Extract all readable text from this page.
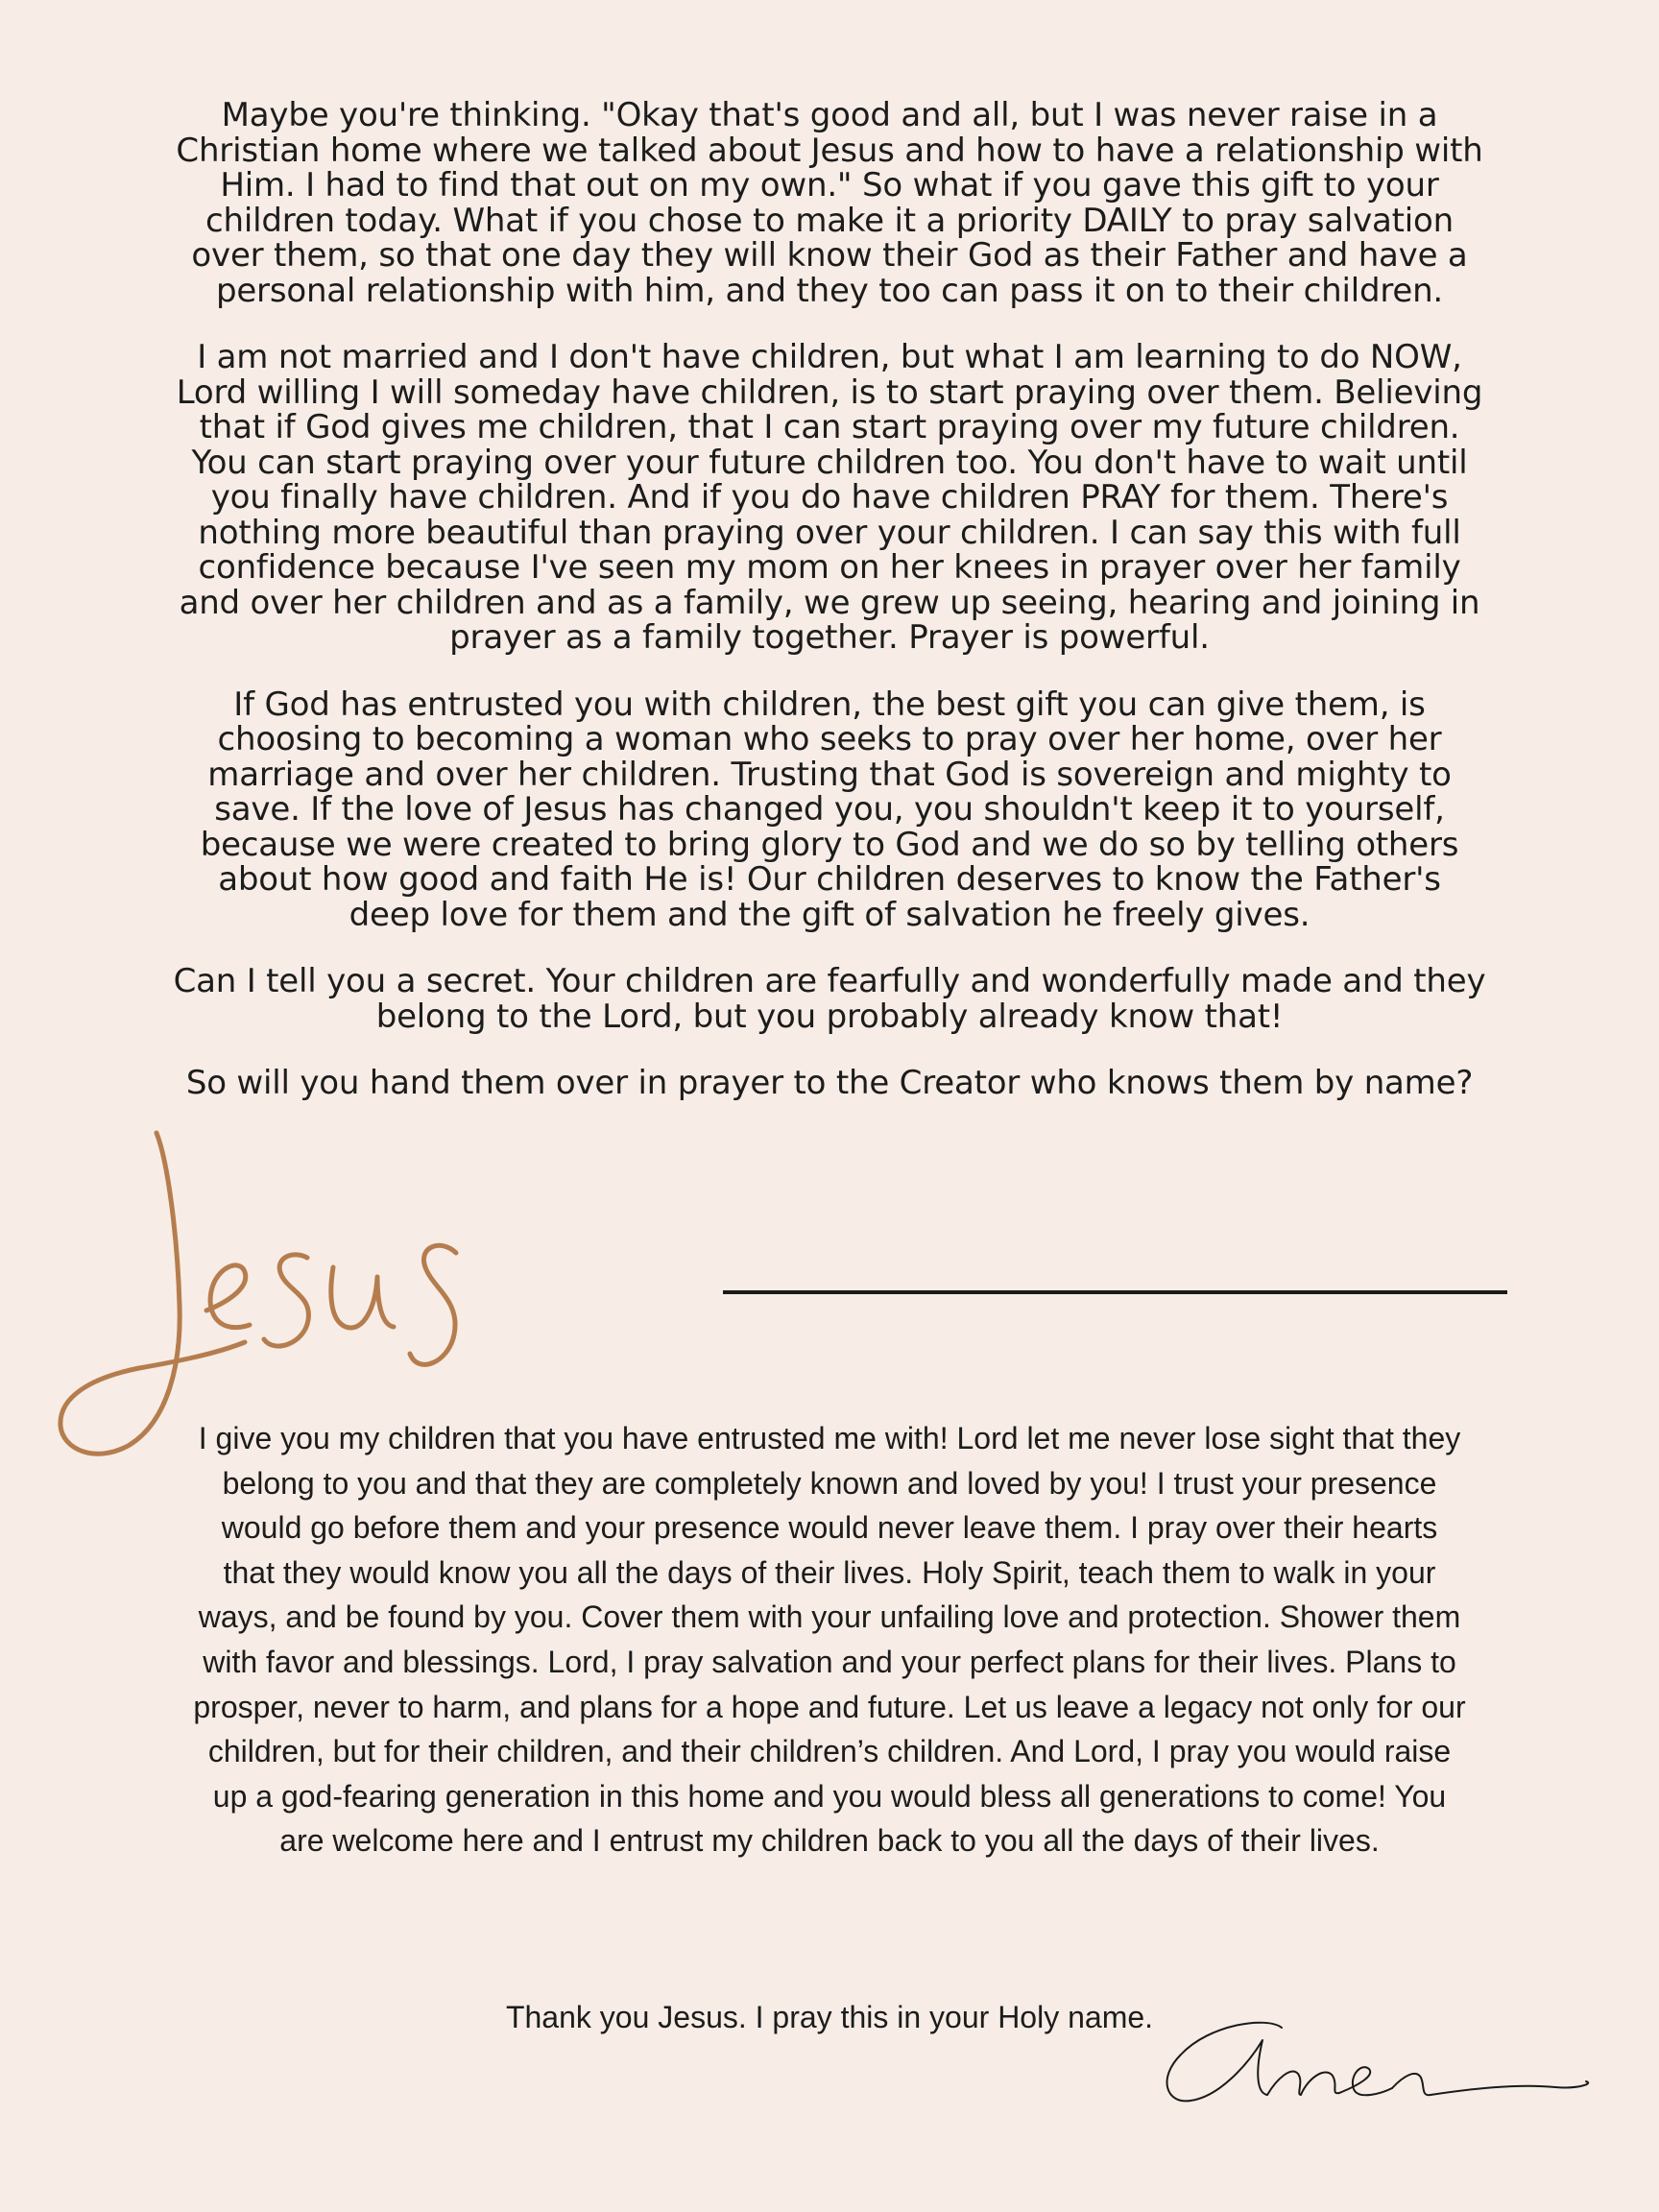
Maybe you're thinking. "Okay that's good and all, but I was never raise in a Christian home where we talked about Jesus and how to have a relationship with Him. I had to find that out on my own." So what if you gave this gift to your children today. What if you chose to make it a priority DAILY to pray salvation over them, so that one day they will know their God as their Father and have a personal relationship with him, and they too can pass it on to their children.

I am not married and I don't have children, but what I am learning to do NOW, Lord willing I will someday have children, is to start praying over them. Believing that if God gives me children, that I can start praying over my future children. You can start praying over your future children too. You don't have to wait until you finally have children. And if you do have children PRAY for them. There's nothing more beautiful than praying over your children. I can say this with full confidence because I've seen my mom on her knees in prayer over her family and over her children and as a family, we grew up seeing, hearing and joining in prayer as a family together. Prayer is powerful.

If God has entrusted you with children, the best gift you can give them, is choosing to becoming a woman who seeks to pray over her home, over her marriage and over her children. Trusting that God is sovereign and mighty to save. If the love of Jesus has changed you, you shouldn't keep it to yourself, because we were created to bring glory to God and we do so by telling others about how good and faith He is! Our children deserves to know the Father's deep love for them and the gift of salvation he freely gives.

Can I tell you a secret. Your children are fearfully and wonderfully made and they belong to the Lord, but you probably already know that!

So will you hand them over in prayer to the Creator who knows them by name?

I give you my children that you have entrusted me with! Lord let me never lose sight that they belong to you and that they are completely known and loved by you! I trust your presence would go before them and your presence would never leave them. I pray over their hearts that they would know you all the days of their lives. Holy Spirit, teach them to walk in your ways, and be found by you. Cover them with your unfailing love and protection. Shower them with favor and blessings. Lord, I pray salvation and your perfect plans for their lives. Plans to prosper, never to harm, and plans for a hope and future. Let us leave a legacy not only for our children, but for their children, and their children’s children. And Lord, I pray you would raise up a god-fearing generation in this home and you would bless all generations to come! You are welcome here and I entrust my children back to you all the days of their lives.

Thank you Jesus. I pray this in your Holy name.
